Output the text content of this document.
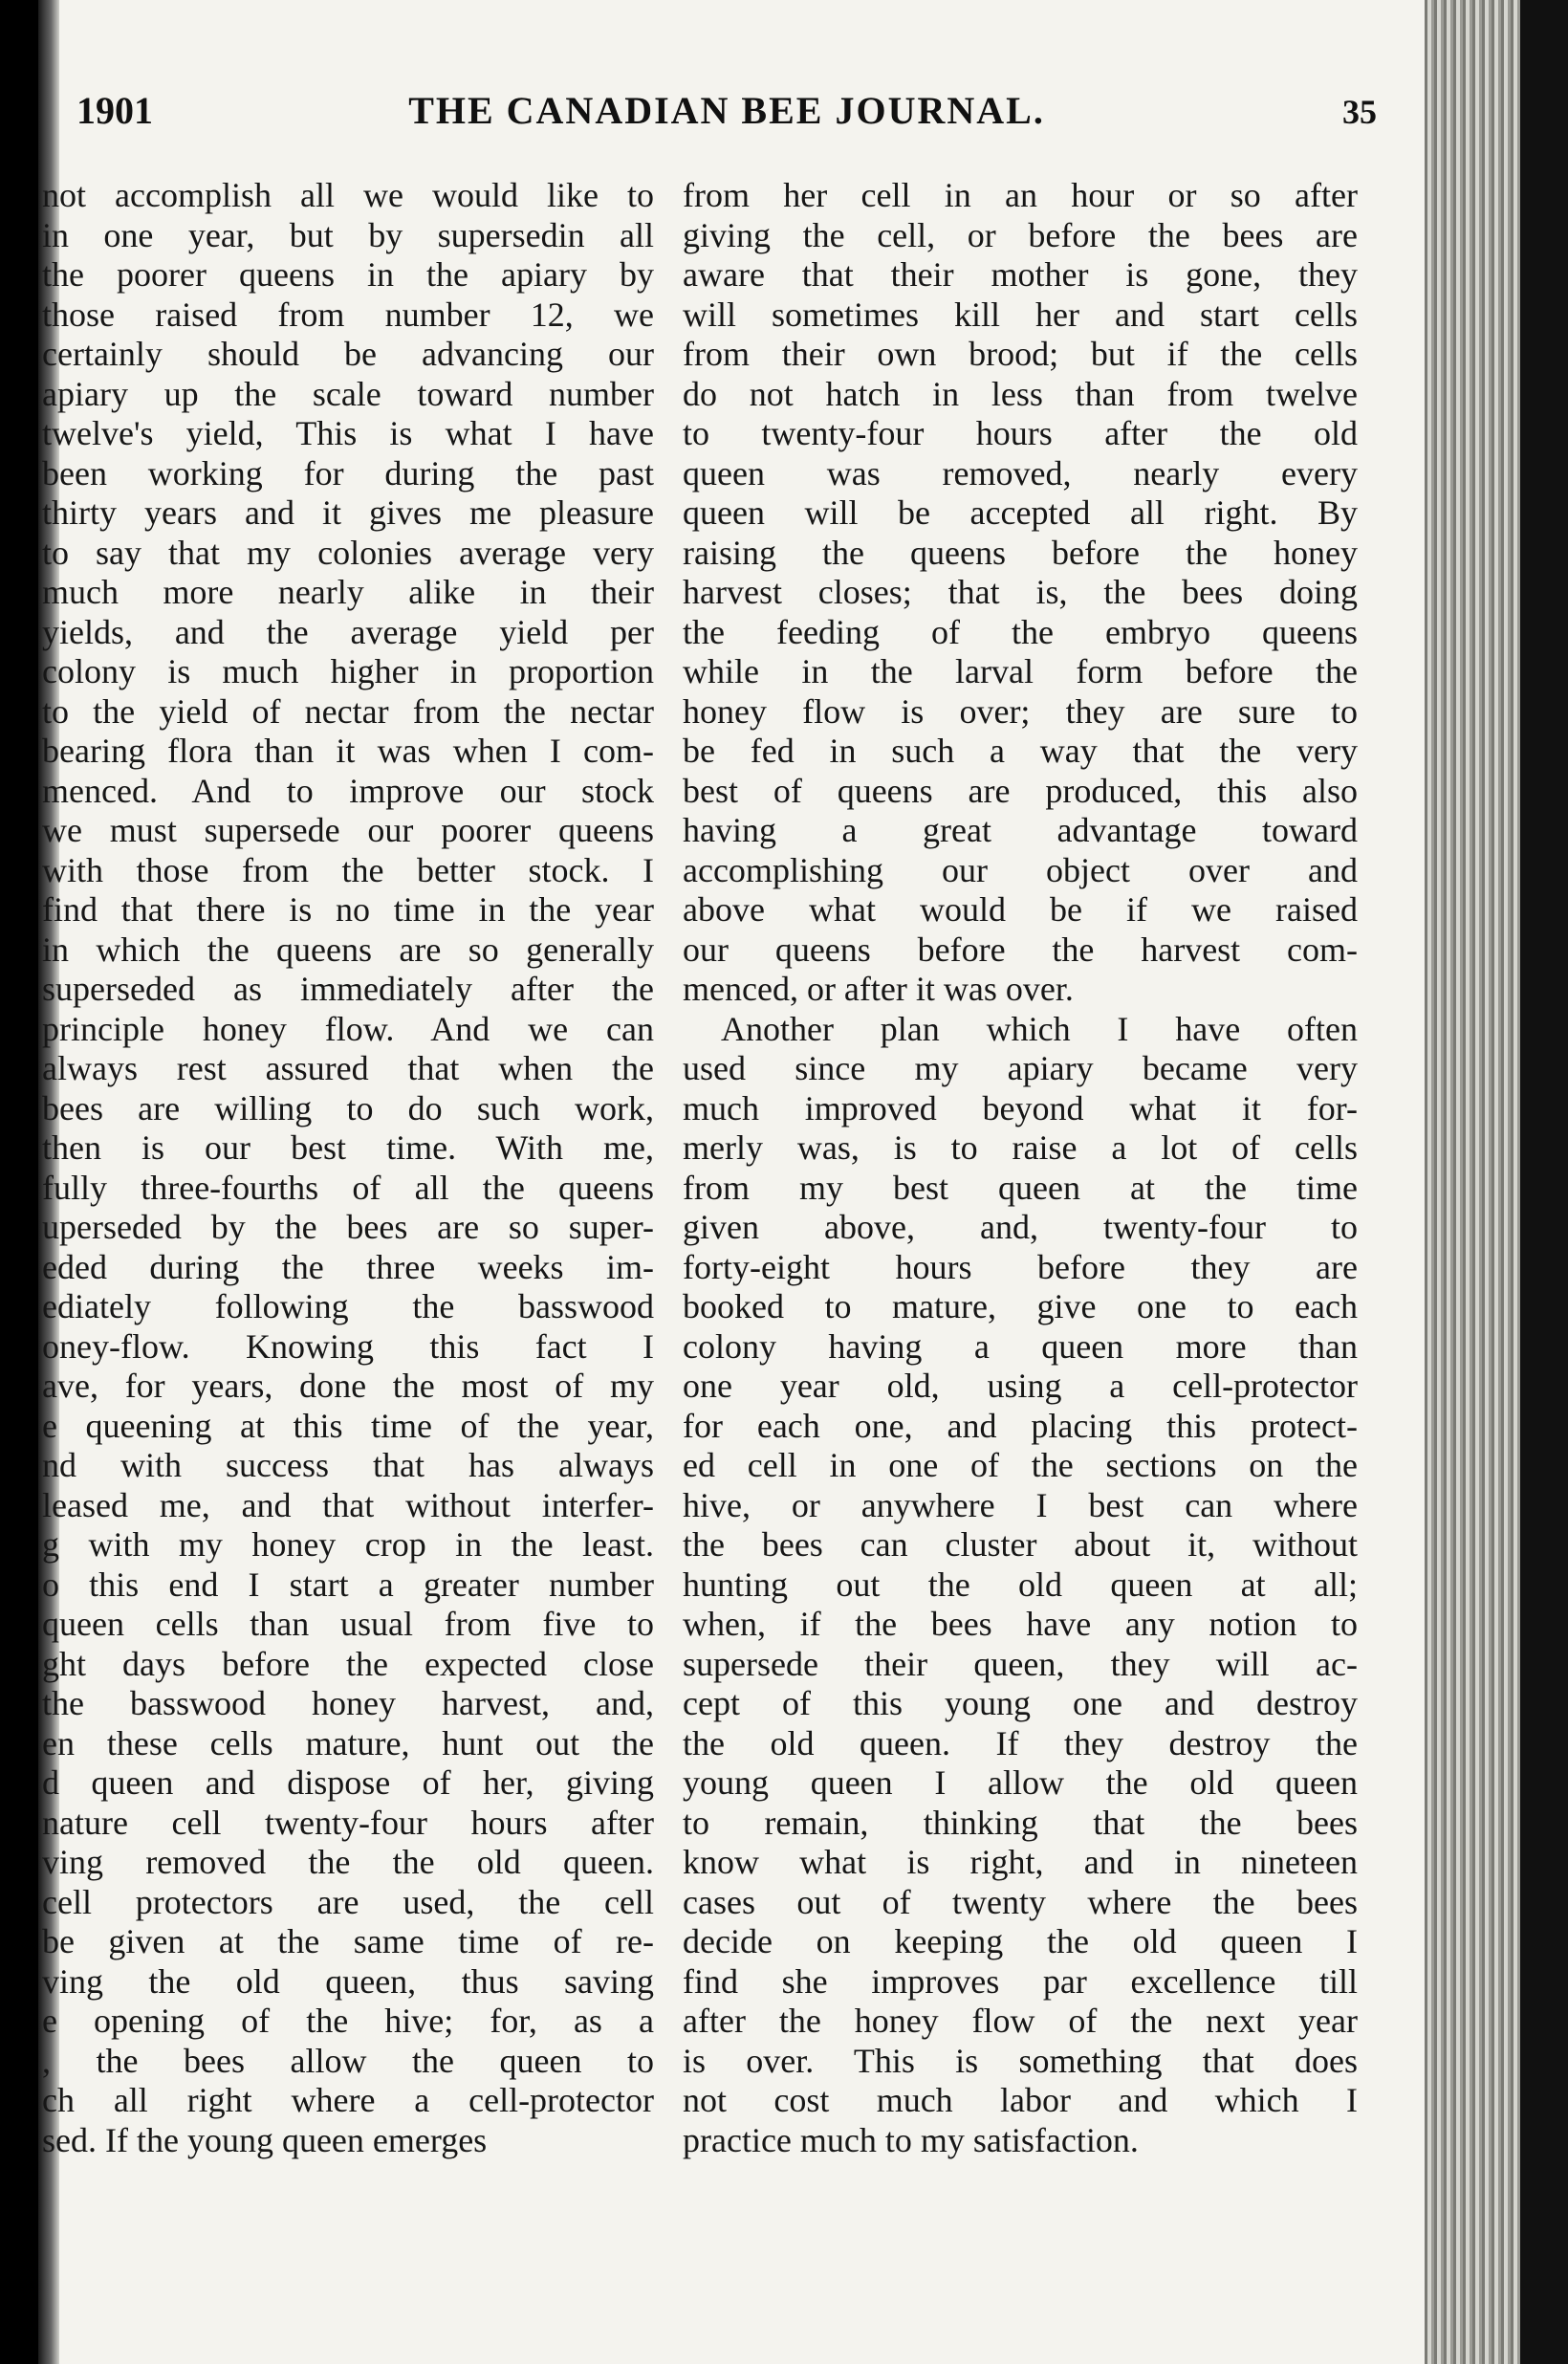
1901	THE CANADIAN BEE JOURNAL.	35
not accomplish all we would like to
in one year, but by supersedin all
the poorer queens in the apiary by
those raised from number 12, we
certainly should be advancing our
apiary up the scale toward number
twelve's yield, This is what I have
been working for during the past
thirty years and it gives me pleasure
to say that my colonies average very
much more nearly alike in their
yields, and the average yield per
colony is much higher in proportion
to the yield of nectar from the nectar
bearing flora than it was when I com-
menced. And to improve our stock
we must supersede our poorer queens
with those from the better stock. I
find that there is no time in the year
in which the queens are so generally
superseded as immediately after the
principle honey flow. And we can
always rest assured that when the
bees are willing to do such work,
then is our best time. With me,
fully three-fourths of all the queens
uperseded by the bees are so super-
eded during the three weeks im-
ediately following the basswood
oney-flow. Knowing this fact I
ave, for years, done the most of my
e queening at this time of the year,
nd with success that has always
leased me, and that without interfer-
g with my honey crop in the least.
o this end I start a greater number
queen cells than usual from five to
ght days before the expected close
the basswood honey harvest, and,
en these cells mature, hunt out the
d queen and dispose of her, giving
nature cell twenty-four hours after
ving removed the the old queen.
cell protectors are used, the cell
be given at the same time of re-
ving the old queen, thus saving
e opening of the hive; for, as a
, the bees allow the queen to
ch all right where a cell-protector
sed. If the young queen emerges
from her cell in an hour or so after
giving the cell, or before the bees are
aware that their mother is gone, they
will sometimes kill her and start cells
from their own brood; but if the cells
do not hatch in less than from twelve
to twenty-four hours after the old
queen was removed, nearly every
queen will be accepted all right. By
raising the queens before the honey
harvest closes; that is, the bees doing
the feeding of the embryo queens
while in the larval form before the
honey flow is over; they are sure to
be fed in such a way that the very
best of queens are produced, this also
having a great advantage toward
accomplishing our object over and
above what would be if we raised
our queens before the harvest com-
menced, or after it was over.
Another plan which I have often
used since my apiary became very
much improved beyond what it for-
merly was, is to raise a lot of cells
from my best queen at the time
given above, and, twenty-four to
forty-eight hours before they are
booked to mature, give one to each
colony having a queen more than
one year old, using a cell-protector
for each one, and placing this protect-
ed cell in one of the sections on the
hive, or anywhere I best can where
the bees can cluster about it, without
hunting out the old queen at all;
when, if the bees have any notion to
supersede their queen, they will ac-
cept of this young one and destroy
the old queen. If they destroy the
young queen I allow the old queen
to remain, thinking that the bees
know what is right, and in nineteen
cases out of twenty where the bees
decide on keeping the old queen I
find she improves par excellence till
after the honey flow of the next year
is over. This is something that does
not cost much labor and which I
practice much to my satisfaction.
